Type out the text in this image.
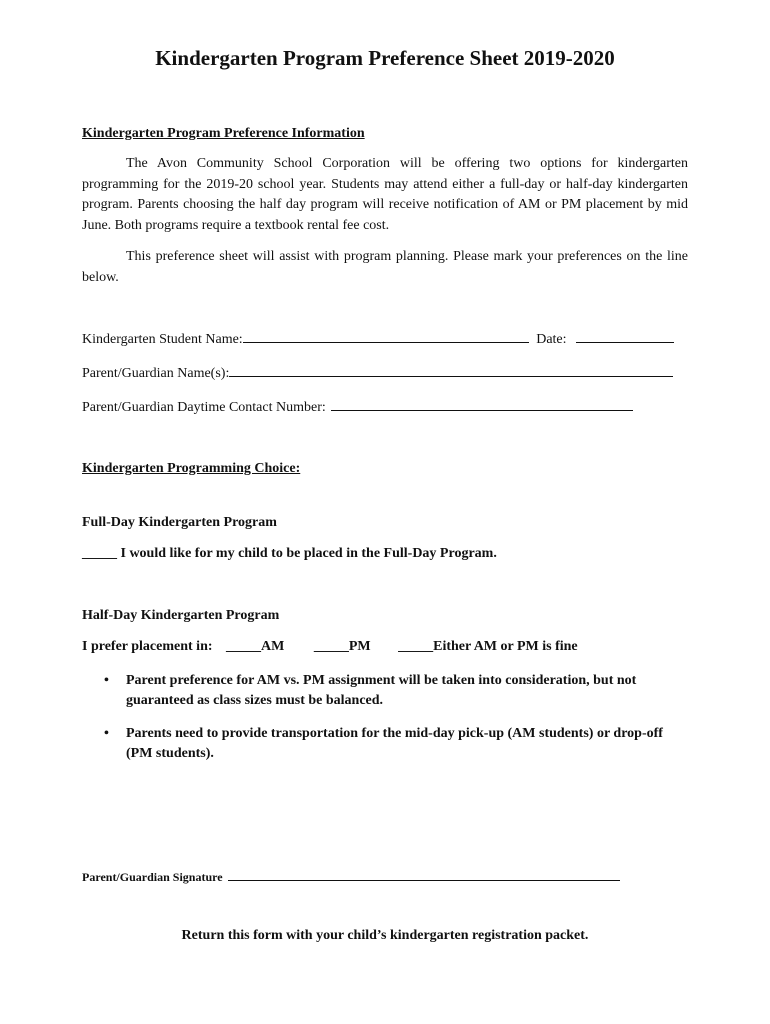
Kindergarten Program Preference Sheet 2019-2020
Kindergarten Program Preference Information
The Avon Community School Corporation will be offering two options for kindergarten programming for the 2019-20 school year. Students may attend either a full-day or half-day kindergarten program. Parents choosing the half day program will receive notification of AM or PM placement by mid June. Both programs require a textbook rental fee cost.
This preference sheet will assist with program planning. Please mark your preferences on the line below.
Kindergarten Student Name:	Date:
Parent/Guardian Name(s):
Parent/Guardian Daytime Contact Number:
Kindergarten Programming Choice:
Full-Day Kindergarten Program
_____ I would like for my child to be placed in the Full-Day Program.
Half-Day Kindergarten Program
I prefer placement in: _____AM _____PM _____Either AM or PM is fine
• Parent preference for AM vs. PM assignment will be taken into consideration, but not guaranteed as class sizes must be balanced.
• Parents need to provide transportation for the mid-day pick-up (AM students) or drop-off (PM students).
Parent/Guardian Signature
Return this form with your child’s kindergarten registration packet.
